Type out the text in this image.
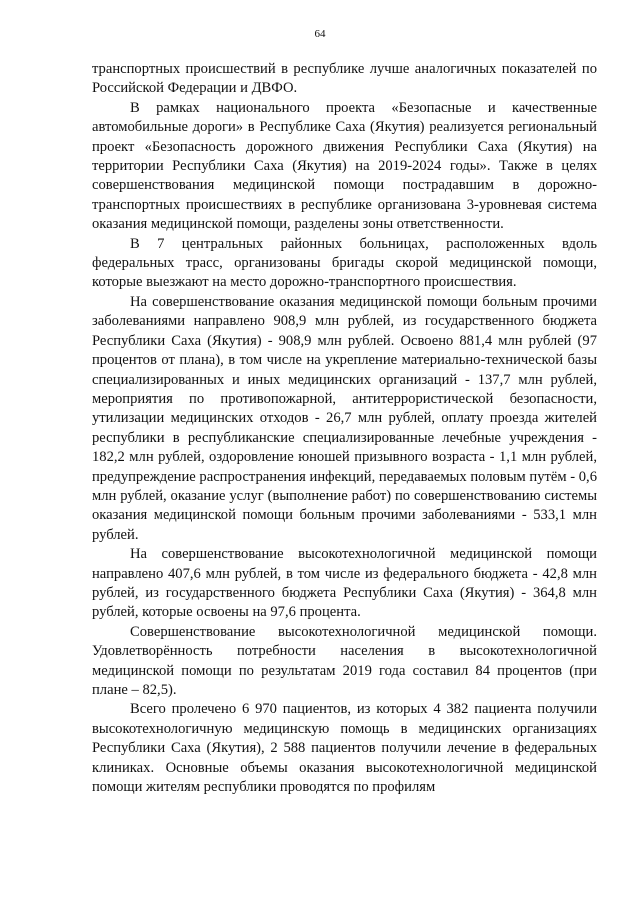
64

транспортных происшествий в республике лучше аналогичных показателей по Российской Федерации и ДВФО.

В рамках национального проекта «Безопасные и качественные автомобильные дороги» в Республике Саха (Якутия) реализуется региональный проект «Безопасность дорожного движения Республики Саха (Якутия) на территории Республики Саха (Якутия) на 2019-2024 годы». Также в целях совершенствования медицинской помощи пострадавшим в дорожно-транспортных происшествиях в республике организована 3-уровневая система оказания медицинской помощи, разделены зоны ответственности.

В 7 центральных районных больницах, расположенных вдоль федеральных трасс, организованы бригады скорой медицинской помощи, которые выезжают на место дорожно-транспортного происшествия.

На совершенствование оказания медицинской помощи больным прочими заболеваниями направлено 908,9 млн рублей, из государственного бюджета Республики Саха (Якутия) - 908,9 млн рублей. Освоено 881,4 млн рублей (97 процентов от плана), в том числе на укрепление материально-технической базы специализированных и иных медицинских организаций - 137,7 млн рублей, мероприятия по противопожарной, антитеррористической безопасности, утилизации медицинских отходов - 26,7 млн рублей, оплату проезда жителей республики в республиканские специализированные лечебные учреждения - 182,2 млн рублей, оздоровление юношей призывного возраста - 1,1 млн рублей, предупреждение распространения инфекций, передаваемых половым путём - 0,6 млн рублей, оказание услуг (выполнение работ) по совершенствованию системы оказания медицинской помощи больным прочими заболеваниями - 533,1 млн рублей.

На совершенствование высокотехнологичной медицинской помощи направлено 407,6 млн рублей, в том числе из федерального бюджета - 42,8 млн рублей, из государственного бюджета Республики Саха (Якутия) - 364,8 млн рублей, которые освоены на 97,6 процента.

Совершенствование высокотехнологичной медицинской помощи. Удовлетворённость потребности населения в высокотехнологичной медицинской помощи по результатам 2019 года составил 84 процентов (при плане – 82,5).

Всего пролечено 6 970 пациентов, из которых 4 382 пациента получили высокотехнологичную медицинскую помощь в медицинских организациях Республики Саха (Якутия), 2 588 пациентов получили лечение в федеральных клиниках. Основные объемы оказания высокотехнологичной медицинской помощи жителям республики проводятся по профилям
